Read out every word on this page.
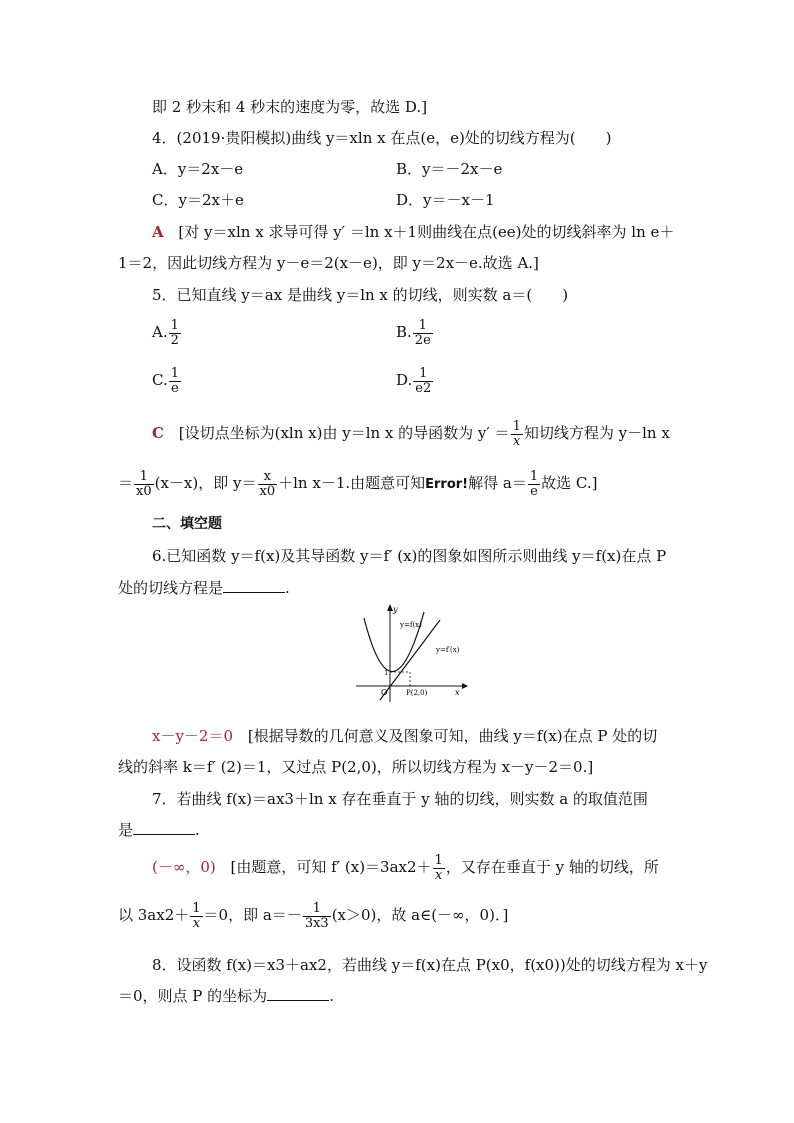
即 2 秒末和 4 秒末的速度为零，故选 D.]
4．(2019·贵阳模拟)曲线 y＝xln x 在点(e，e)处的切线方程为(　　)
A．y＝2x－e	B．y＝－2x－e
C．y＝2x＋e	D．y＝－x－1
A [对 y＝xln x 求导可得 y′ ＝ln x＋1则曲线在点(ee)处的切线斜率为 ln e＋
1＝2，因此切线方程为 y－e＝2(x－e)，即 y＝2x－e.故选 A.]
5．已知直线 y＝ax 是曲线 y＝ln x 的切线，则实数 a＝(　　)
A. $\frac{1}{2}$	B. $\frac{1}{2e}$
C. $\frac{1}{e}$	D. $\frac{1}{e2}$
C [设切点坐标为(xln x)由 y＝ln x 的导函数为 $y' = \frac{1}{x}$ 知切线方程为 y－ln x
＝ $\frac{1}{x0} (x-x)$，即 $y= \frac{x}{x0} +\ln$ x－1.由题意可知Error!解得 $a= \frac{1}{e}$ 故选 C.]
二、填空题
6.已知函数 y＝f(x)及其导函数 y＝f′ (x)的图象如图所示则曲线 y＝f(x)在点 P
处的切线方程是	.
y
x
O
1
y=f(x)
y=f′(x)
P(2,0)
x－y－2＝0 [根据导数的几何意义及图象可知，曲线 y＝f(x)在点 P 处的切
线的斜率 k＝f′ (2)＝1，又过点 P(2,0)，所以切线方程为 x－y－2＝0.]
7．若曲线 f(x)＝ax3＋ln x 存在垂直于 y 轴的切线，则实数 a 的取值范围
是	.
(－∞，0) [由题意，可知 f′ $(x)=3ax2+ \frac{1}{x}$ ，又存在垂直于 y 轴的切线，所
以 $3ax2+ \frac{1}{x} =0$，即 $a=- \frac{1}{3x3} (x>0)$，故 a∈(－∞，0)．]
8．设函数 f(x)＝x3＋ax2，若曲线 y＝f(x)在点 P(x0，f(x0))处的切线方程为 x＋y
＝0，则点 P 的坐标为	.
